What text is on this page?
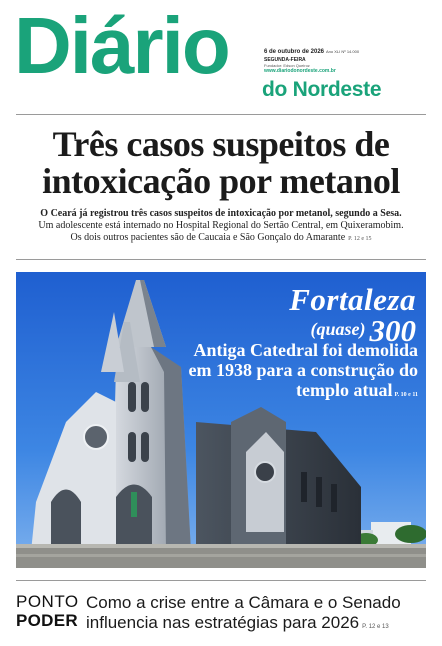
Diário	6 de outubro de 2026 Ano XLI Nº 14.000
SEGUNDA-FEIRA
Fundador: Edson Queiroz
www.diariodonordeste.com.br
do Nordeste
Três casos suspeitos de intoxicação por metanol

O Ceará já registrou três casos suspeitos de intoxicação por metanol, segundo a Sesa.

Um adolescente está internado no Hospital Regional do Sertão Central, em Quixeramobim.

Os dois outros pacientes são de Caucaia e São Gonçalo do Amarante P. 12 e 15

Fortaleza
(quase) 300
Antiga Catedral foi demolida em 1938 para a construção do templo atual P. 10 e 11
FOTO: KID JÚNIOR
PONTO
PODER
Como a crise entre a Câmara e o Senado influencia nas estratégias para 2026 P. 12 e 13
